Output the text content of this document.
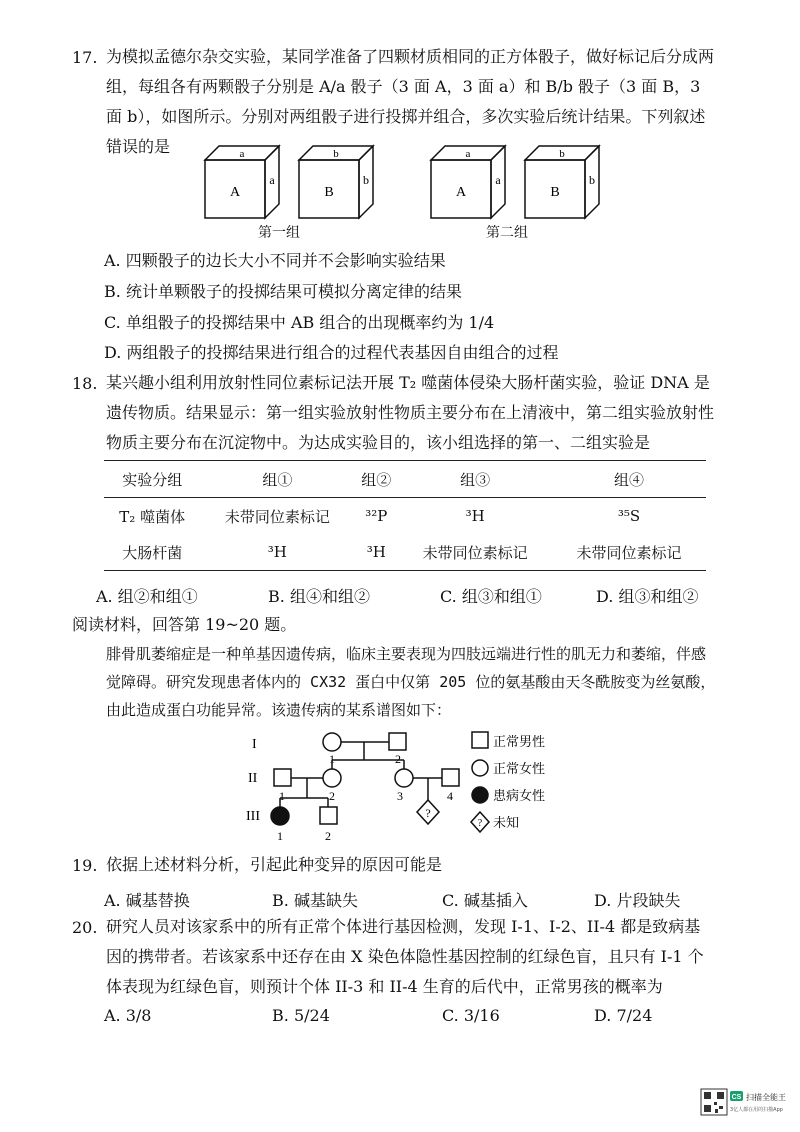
17. 为模拟孟德尔杂交实验，某同学准备了四颗材质相同的正方体骰子，做好标记后分成两组，每组各有两颗骰子分别是 A/a 骰子（3 面 A，3 面 a）和 B/b 骰子（3 面 B，3 面 b），如图所示。分别对两组骰子进行投掷并组合，多次实验后统计结果。下列叙述错误的是
A
a
a
B
b
b
A
a
a
B
b
b
第一组	第二组
A. 四颗骰子的边长大小不同并不会影响实验结果
B. 统计单颗骰子的投掷结果可模拟分离定律的结果
C. 单组骰子的投掷结果中 AB 组合的出现概率约为 1/4
D. 两组骰子的投掷结果进行组合的过程代表基因自由组合的过程
18. 某兴趣小组利用放射性同位素标记法开展 T₂ 噬菌体侵染大肠杆菌实验，验证 DNA 是遗传物质。结果显示：第一组实验放射性物质主要分布在上清液中，第二组实验放射性物质主要分布在沉淀物中。为达成实验目的，该小组选择的第一、二组实验是
实验分组	组①	组②	组③	组④
T₂ 噬菌体	未带同位素标记	³²P	³H	³⁵S
大肠杆菌	³H	³H	未带同位素标记	未带同位素标记
A. 组②和组①	B. 组④和组②	C. 组③和组①	D. 组③和组②
阅读材料，回答第 19~20 题。
腓骨肌萎缩症是一种单基因遗传病，临床主要表现为四肢远端进行性的肌无力和萎缩，伴感觉障碍。研究发现患者体内的 CX32 蛋白中仅第 205 位的氨基酸由天冬酰胺变为丝氨酸，由此造成蛋白功能异常。该遗传病的某系谱图如下：
I
II
III
1	2
2	3	4
1
1	2
?
正常男性
正常女性
患病女性
? 未知
19. 依据上述材料分析，引起此种变异的原因可能是
A. 碱基替换	B. 碱基缺失	C. 碱基插入	D. 片段缺失
20. 研究人员对该家系中的所有正常个体进行基因检测，发现 I-1、I-2、II-4 都是致病基因的携带者。若该家系中还存在由 X 染色体隐性基因控制的红绿色盲，且只有 I-1 个体表现为红绿色盲，则预计个体 II-3 和 II-4 生育的后代中，正常男孩的概率为
A. 3/8	B. 5/24	C. 3/16	D. 7/24
CS 扫描全能王
3亿人都在用的扫描App
